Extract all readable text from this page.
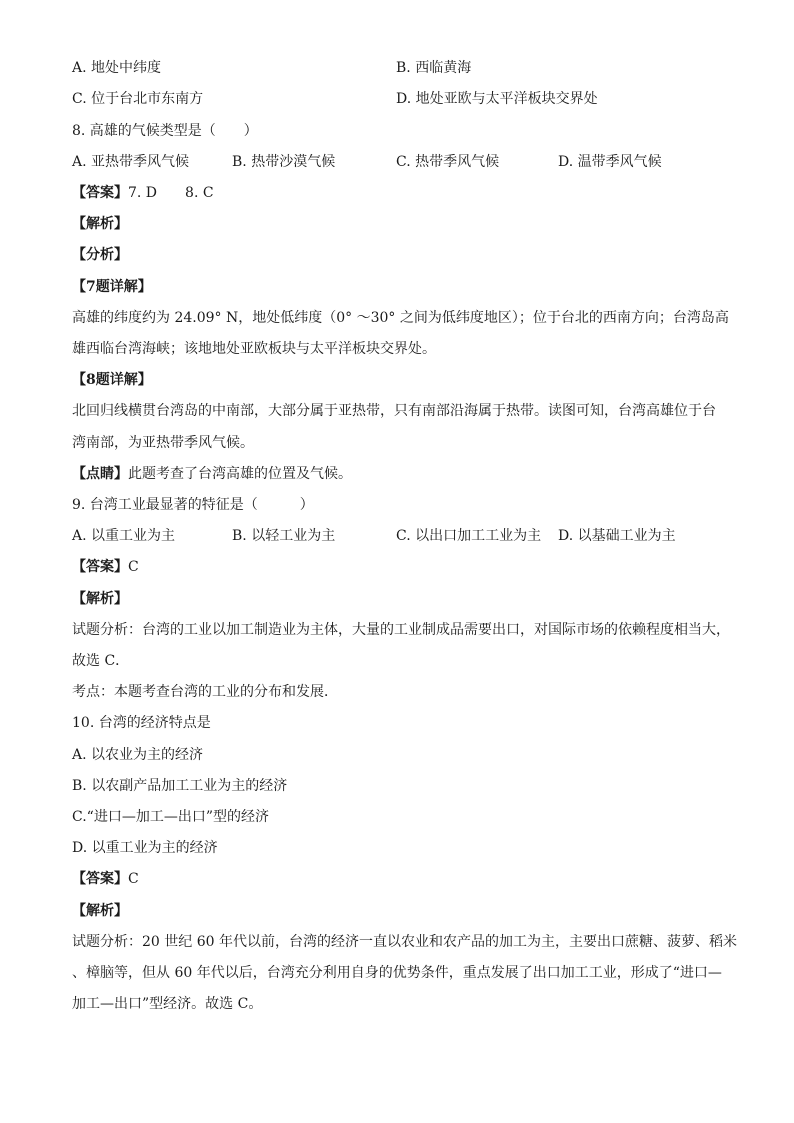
A. 地处中纬度	B. 西临黄海
C. 位于台北市东南方	D. 地处亚欧与太平洋板块交界处
8. 高雄的气候类型是（　　）
A. 亚热带季风气候	B. 热带沙漠气候	C. 热带季风气候	D. 温带季风气候
【答案】7. D　　8. C
【解析】
【分析】
【7题详解】
高雄的纬度约为 24.09° N，地处低纬度（0° ～30° 之间为低纬度地区）；位于台北的西南方向；台湾岛高
雄西临台湾海峡；该地地处亚欧板块与太平洋板块交界处。
【8题详解】
北回归线横贯台湾岛的中南部，大部分属于亚热带，只有南部沿海属于热带。读图可知，台湾高雄位于台
湾南部，为亚热带季风气候。
【点睛】此题考查了台湾高雄的位置及气候。
9. 台湾工业最显著的特征是（　　　）
A. 以重工业为主	B. 以轻工业为主	C. 以出口加工工业为主 D. 以基础工业为主
【答案】C
【解析】
试题分析：台湾的工业以加工制造业为主体，大量的工业制成品需要出口，对国际市场的依赖程度相当大，
故选 C．
考点：本题考查台湾的工业的分布和发展．
10. 台湾的经济特点是
A. 以农业为主的经济
B. 以农副产品加工工业为主的经济
C.“进口—加工—出口”型的经济
D. 以重工业为主的经济
【答案】C
【解析】
试题分析：20 世纪 60 年代以前，台湾的经济一直以农业和农产品的加工为主，主要出口蔗糖、菠萝、稻米
、樟脑等，但从 60 年代以后，台湾充分利用自身的优势条件，重点发展了出口加工工业，形成了“进口—
加工—出口”型经济。故选 C。
